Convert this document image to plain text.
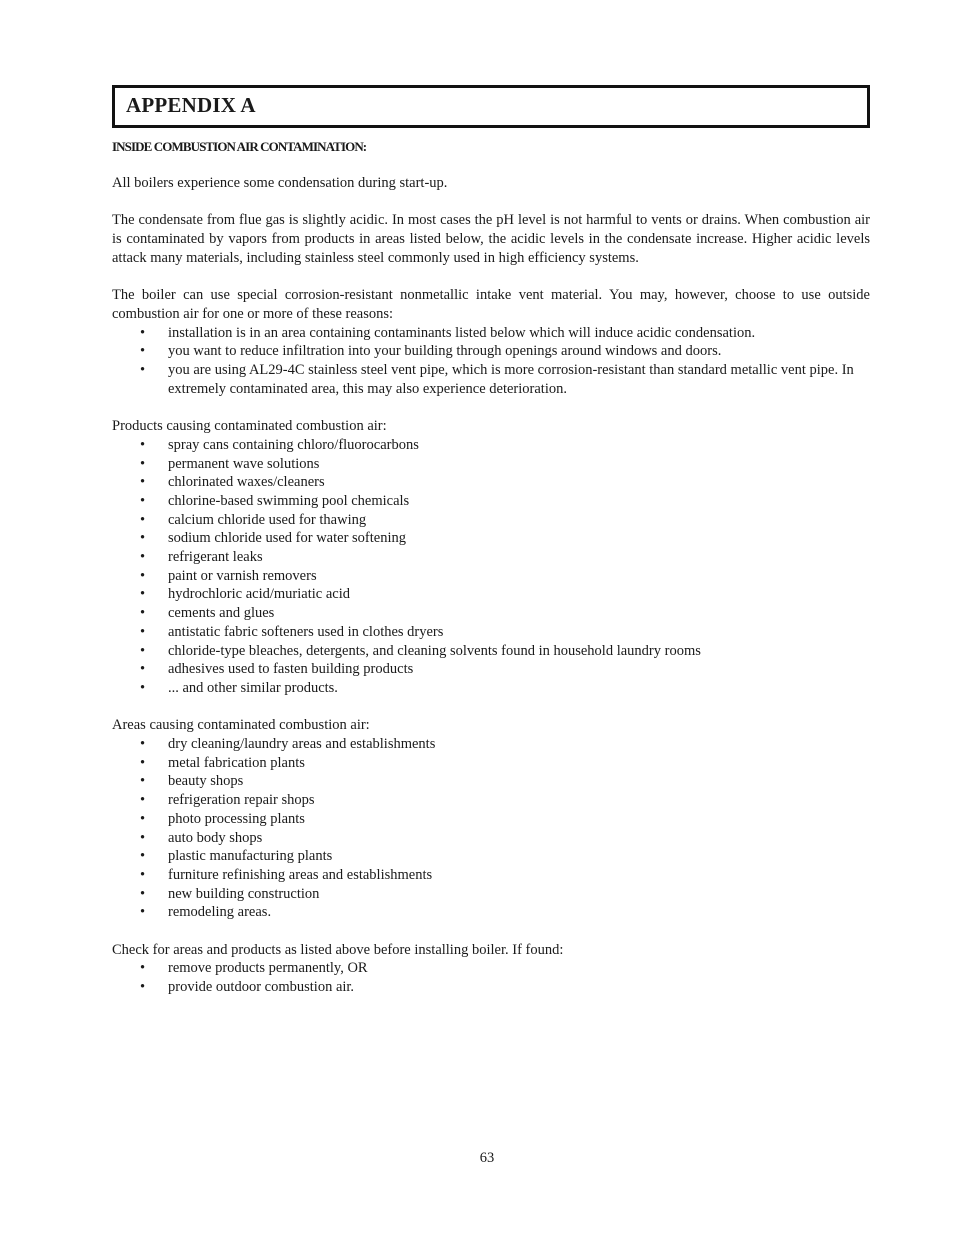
APPENDIX A
INSIDE COMBUSTION AIR CONTAMINATION:

All boilers experience some condensation during start-up.

The condensate from flue gas is slightly acidic. In most cases the pH level is not harmful to vents or drains. When combustion air is contaminated by vapors from products in areas listed below, the acidic levels in the condensate increase. Higher acidic levels attack many materials, including stainless steel commonly used in high efficiency systems.

The boiler can use special corrosion-resistant nonmetallic intake vent material. You may, however, choose to use outside combustion air for one or more of these reasons:

• installation is in an area containing contaminants listed below which will induce acidic condensation.
• you want to reduce infiltration into your building through openings around windows and doors.
• you are using AL29-4C stainless steel vent pipe, which is more corrosion-resistant than standard metallic vent pipe. In extremely contaminated area, this may also experience deterioration.

Products causing contaminated combustion air:

• spray cans containing chloro/fluorocarbons
• permanent wave solutions
• chlorinated waxes/cleaners
• chlorine-based swimming pool chemicals
• calcium chloride used for thawing
• sodium chloride used for water softening
• refrigerant leaks
• paint or varnish removers
• hydrochloric acid/muriatic acid
• cements and glues
• antistatic fabric softeners used in clothes dryers
• chloride-type bleaches, detergents, and cleaning solvents found in household laundry rooms
• adhesives used to fasten building products
• ... and other similar products.

Areas causing contaminated combustion air:

• dry cleaning/laundry areas and establishments
• metal fabrication plants
• beauty shops
• refrigeration repair shops
• photo processing plants
• auto body shops
• plastic manufacturing plants
• furniture refinishing areas and establishments
• new building construction
• remodeling areas.

Check for areas and products as listed above before installing boiler. If found:

• remove products permanently, OR
• provide outdoor combustion air.
63
